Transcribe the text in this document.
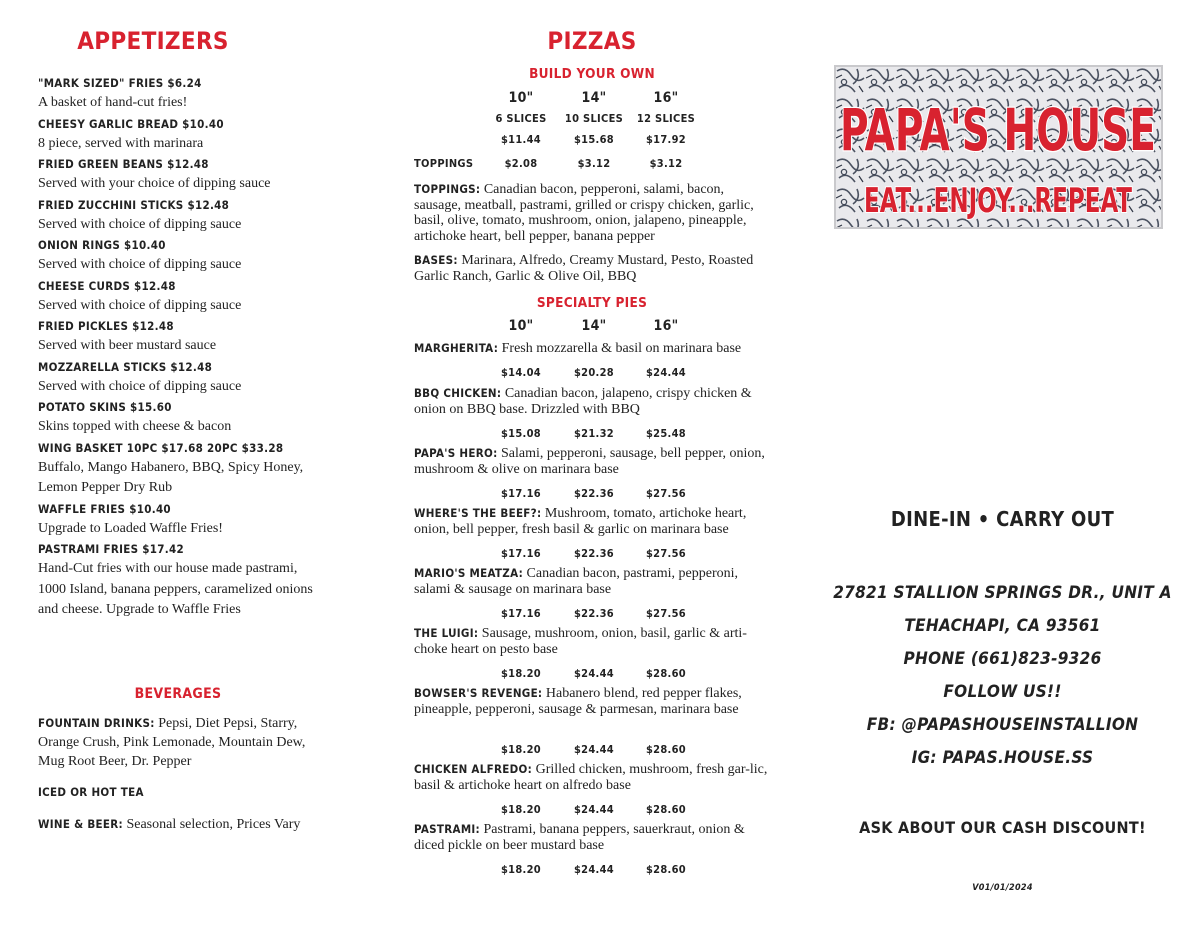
APPETIZERS
"MARK SIZED" FRIES $6.24
A basket of hand-cut fries!
CHEESY GARLIC BREAD $10.40
8 piece, served with marinara
FRIED GREEN BEANS $12.48
Served with your choice of dipping sauce
FRIED ZUCCHINI STICKS $12.48
Served with choice of dipping sauce
ONION RINGS $10.40
Served with choice of dipping sauce
CHEESE CURDS $12.48
Served with choice of dipping sauce
FRIED PICKLES $12.48
Served with beer mustard sauce
MOZZARELLA STICKS $12.48
Served with choice of dipping sauce
POTATO SKINS $15.60
Skins topped with cheese & bacon
WING BASKET 10PC $17.68 20PC $33.28
Buffalo, Mango Habanero, BBQ, Spicy Honey, Lemon Pepper Dry Rub
WAFFLE FRIES $10.40
Upgrade to Loaded Waffle Fries!
PASTRAMI FRIES $17.42
Hand-Cut fries with our house made pastrami, 1000 Island, banana peppers, caramelized onions and cheese. Upgrade to Waffle Fries
BEVERAGES
FOUNTAIN DRINKS: Pepsi, Diet Pepsi, Starry, Orange Crush, Pink Lemonade, Mountain Dew, Mug Root Beer, Dr. Pepper
ICED OR HOT TEA
WINE & BEER: Seasonal selection, Prices Vary
PIZZAS
BUILD YOUR OWN
10"	14"	16"
6 SLICES	10 SLICES	12 SLICES
$11.44	$15.68	$17.92
TOPPINGS	$2.08	$3.12	$3.12
TOPPINGS: Canadian bacon, pepperoni, salami, bacon, sausage, meatball, pastrami, grilled or crispy chicken, garlic, basil, olive, tomato, mushroom, onion, jalapeno, pineapple, artichoke heart, bell pepper, banana pepper
BASES: Marinara, Alfredo, Creamy Mustard, Pesto, Roasted Garlic Ranch, Garlic & Olive Oil, BBQ
SPECIALTY PIES
10"	14"	16"
MARGHERITA: Fresh mozzarella & basil on marinara base
$14.04	$20.28	$24.44
BBQ CHICKEN: Canadian bacon, jalapeno, crispy chicken & onion on BBQ base. Drizzled with BBQ
$15.08	$21.32	$25.48
PAPA'S HERO: Salami, pepperoni, sausage, bell pepper, onion, mushroom & olive on marinara base
$17.16	$22.36	$27.56
WHERE'S THE BEEF?: Mushroom, tomato, artichoke heart, onion, bell pepper, fresh basil & garlic on marinara base
$17.16	$22.36	$27.56
MARIO'S MEATZA: Canadian bacon, pastrami, pepperoni, salami & sausage on marinara base
$17.16	$22.36	$27.56
THE LUIGI: Sausage, mushroom, onion, basil, garlic & arti-choke heart on pesto base
$18.20	$24.44	$28.60
BOWSER'S REVENGE: Habanero blend, red pepper flakes, pineapple, pepperoni, sausage & parmesan, marinara base
$18.20	$24.44	$28.60
CHICKEN ALFREDO: Grilled chicken, mushroom, fresh gar-lic, basil & artichoke heart on alfredo base
$18.20	$24.44	$28.60
PASTRAMI: Pastrami, banana peppers, sauerkraut, onion & diced pickle on beer mustard base
$18.20	$24.44	$28.60
PAPA'S HOUSE
EAT...ENJOY...REPEAT
DINE-IN • CARRY OUT
27821 STALLION SPRINGS DR., UNIT A
TEHACHAPI, CA 93561
PHONE (661)823-9326
FOLLOW US!!
FB: @PAPASHOUSEINSTALLION
IG: PAPAS.HOUSE.SS
ASK ABOUT OUR CASH DISCOUNT!
V01/01/2024
